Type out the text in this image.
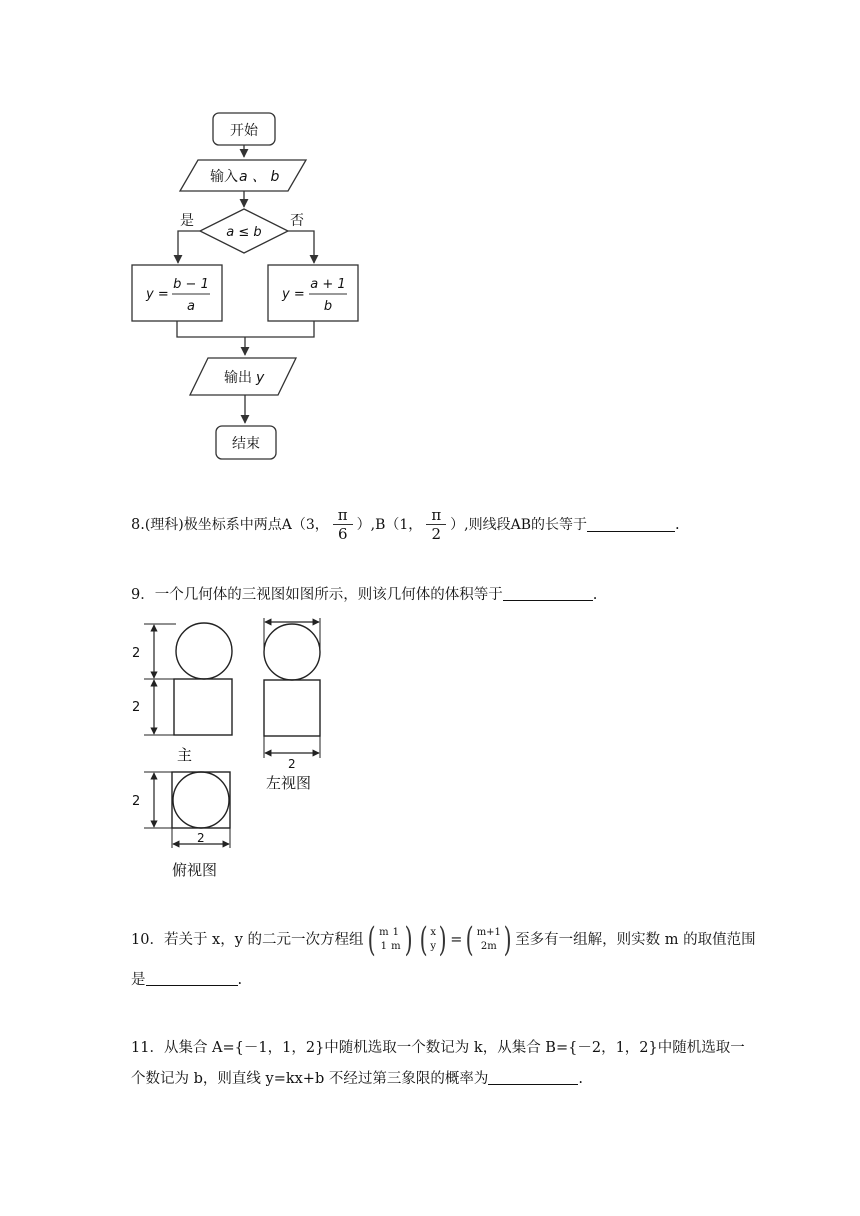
开始
输入 a 、 b
a ≤ b
是	否
y =
b − 1
a
y =
a + 1
b
输出 y
结束
8. (理科)极坐标系中两点A（3， $\frac{\pi}{6} ),B(1$， $\frac{\pi}{2}$ ）,则线段AB的长等于	.
9．一个几何体的三视图如图所示，则该几何体的体积等于	.
2
2
主	2
左视图
2
2
俯视图
10．若关于 x，y 的二元一次方程组 ( m 1
1 m ) ( x
y ) = ( m+1
2m ) 至多有一组解，则实数 m 的取值范围
是	.
11．从集合 A={－1，1，2}中随机选取一个数记为 k，从集合 B={－2，1，2}中随机选取一
个数记为 b，则直线 y=kx+b 不经过第三象限的概率为	.
